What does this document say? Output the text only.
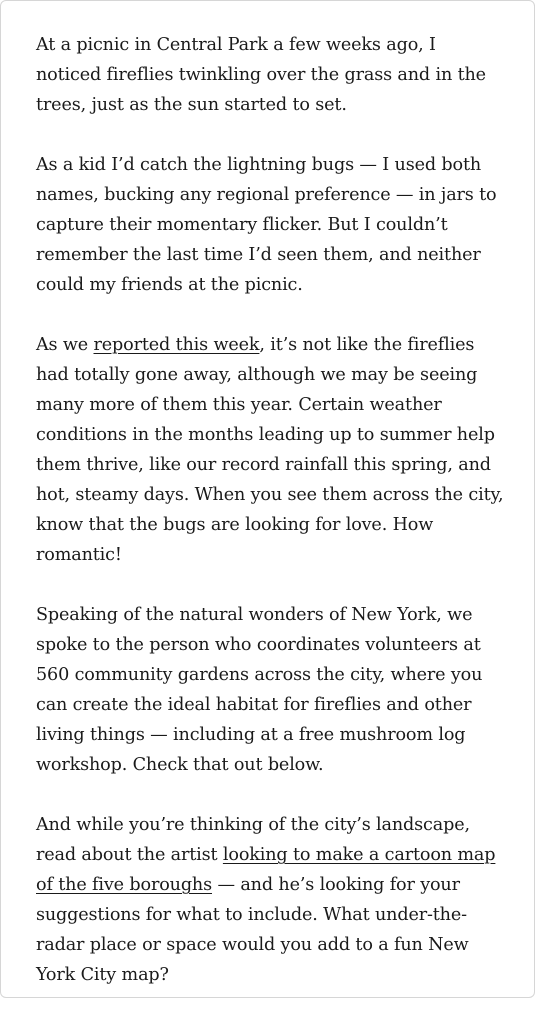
At a picnic in Central Park a few weeks ago, I noticed fireflies twinkling over the grass and in the trees, just as the sun started to set.

As a kid I’d catch the lightning bugs — I used both names, bucking any regional preference — in jars to capture their momentary flicker. But I couldn’t remember the last time I’d seen them, and neither could my friends at the picnic.

As we reported this week, it’s not like the fireflies had totally gone away, although we may be seeing many more of them this year. Certain weather conditions in the months leading up to summer help them thrive, like our record rainfall this spring, and hot, steamy days. When you see them across the city, know that the bugs are looking for love. How romantic!

Speaking of the natural wonders of New York, we spoke to the person who coordinates volunteers at 560 community gardens across the city, where you can create the ideal habitat for fireflies and other living things — including at a free mushroom log workshop. Check that out below.

And while you’re thinking of the city’s landscape, read about the artist looking to make a cartoon map of the five boroughs — and he’s looking for your suggestions for what to include. What under-the-radar place or space would you add to a fun New York City map?
